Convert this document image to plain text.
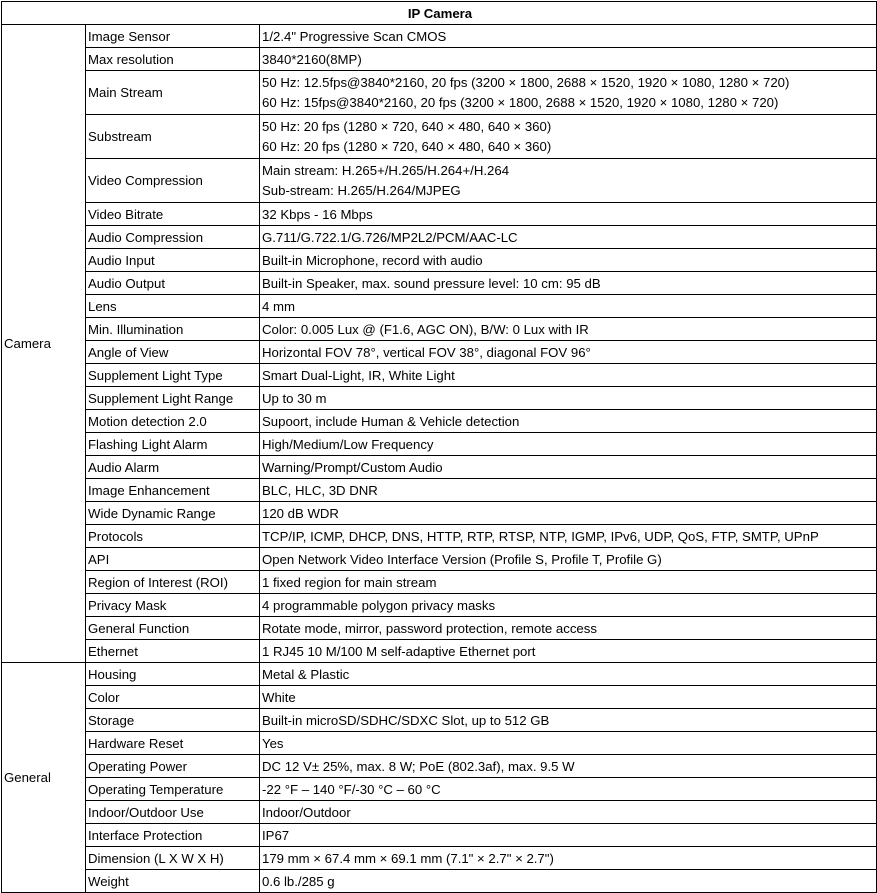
IP Camera		
Camera	Image Sensor	1/2.4" Progressive Scan CMOS
	Max resolution	3840*2160(8MP)
	Main Stream	50 Hz: 12.5fps@3840*2160, 20 fps (3200 × 1800, 2688 × 1520, 1920 × 1080, 1280 × 720)
60 Hz: 15fps@3840*2160, 20 fps (3200 × 1800, 2688 × 1520, 1920 × 1080, 1280 × 720)

	Substream	50 Hz: 20 fps (1280 × 720, 640 × 480, 640 × 360)
60 Hz: 20 fps (1280 × 720, 640 × 480, 640 × 360)

	Video Compression	Main stream: H.265+/H.265/H.264+/H.264
Sub-stream: H.265/H.264/MJPEG

	Video Bitrate	32 Kbps - 16 Mbps
	Audio Compression	G.711/G.722.1/G.726/MP2L2/PCM/AAC-LC
	Audio Input	Built-in Microphone, record with audio
	Audio Output	Built-in Speaker, max. sound pressure level: 10 cm: 95 dB
	Lens	4 mm
	Min. Illumination	Color: 0.005 Lux @ (F1.6, AGC ON), B/W: 0 Lux with IR
	Angle of View	Horizontal FOV 78°, vertical FOV 38°, diagonal FOV 96°
	Supplement Light Type	Smart Dual-Light, IR, White Light
	Supplement Light Range	Up to 30 m
	Motion detection 2.0	Supoort, include Human & Vehicle detection
	Flashing Light Alarm	High/Medium/Low Frequency
	Audio Alarm	Warning/Prompt/Custom Audio
	Image Enhancement	BLC, HLC, 3D DNR
	Wide Dynamic Range	120 dB WDR
	Protocols	TCP/IP, ICMP, DHCP, DNS, HTTP, RTP, RTSP, NTP, IGMP, IPv6, UDP, QoS, FTP, SMTP, UPnP
	API	Open Network Video Interface Version (Profile S, Profile T, Profile G)
	Region of Interest (ROI)	1 fixed region for main stream
	Privacy Mask	4 programmable polygon privacy masks
	General Function	Rotate mode, mirror, password protection, remote access
	Ethernet	1 RJ45 10 M/100 M self-adaptive Ethernet port
General	Housing	Metal & Plastic
	Color	White
	Storage	Built-in microSD/SDHC/SDXC Slot, up to 512 GB
	Hardware Reset	Yes
	Operating Power	DC 12 V± 25%, max. 8 W; PoE (802.3af), max. 9.5 W
	Operating Temperature	-22 °F – 140 °F/-30 °C – 60 °C
	Indoor/Outdoor Use	Indoor/Outdoor
	Interface Protection	IP67
	Dimension (L X W X H)	179 mm × 67.4 mm × 69.1 mm (7.1" × 2.7" × 2.7")
	Weight	0.6 lb./285 g
